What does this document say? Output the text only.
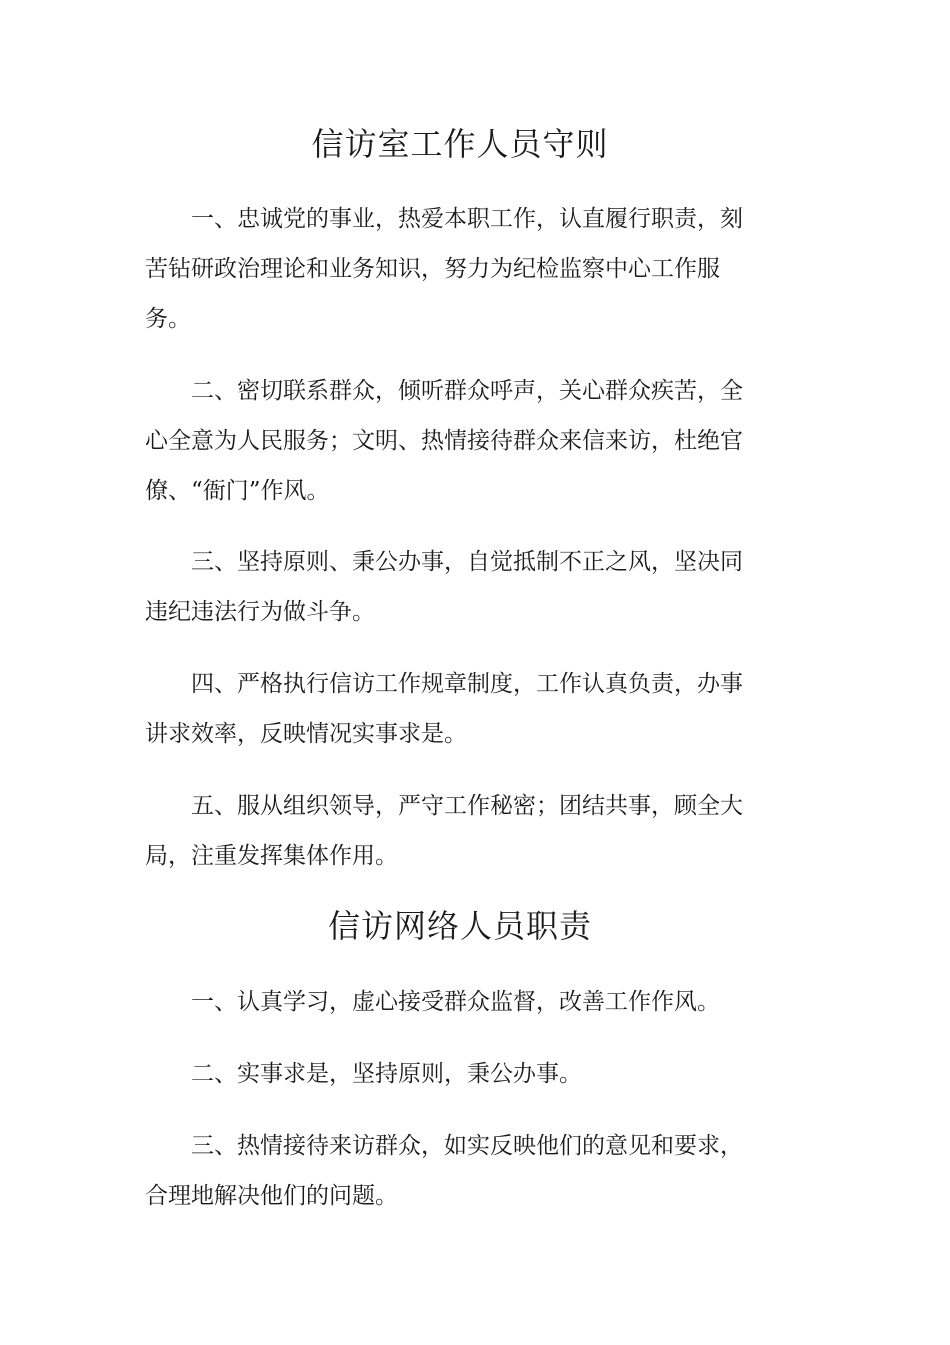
信访室工作人员守则

一、忠诚党的事业，热爱本职工作，认直履行职责，刻
苦钻研政治理论和业务知识，努力为纪检监察中心工作服
务。

二、密切联系群众，倾听群众呼声，关心群众疾苦，全
心全意为人民服务；文明、热情接待群众来信来访，杜绝官
僚、“衙门”作风。

三、坚持原则、秉公办事，自觉抵制不正之风，坚决同
违纪违法行为做斗争。

四、严格执行信访工作规章制度，工作认真负责，办事
讲求效率，反映情况实事求是。

五、服从组织领导，严守工作秘密；团结共事，顾全大
局，注重发挥集体作用。

信访网络人员职责

一、认真学习，虚心接受群众监督，改善工作作风。

二、实事求是，坚持原则，秉公办事。

三、热情接待来访群众，如实反映他们的意见和要求，
合理地解决他们的问题。
